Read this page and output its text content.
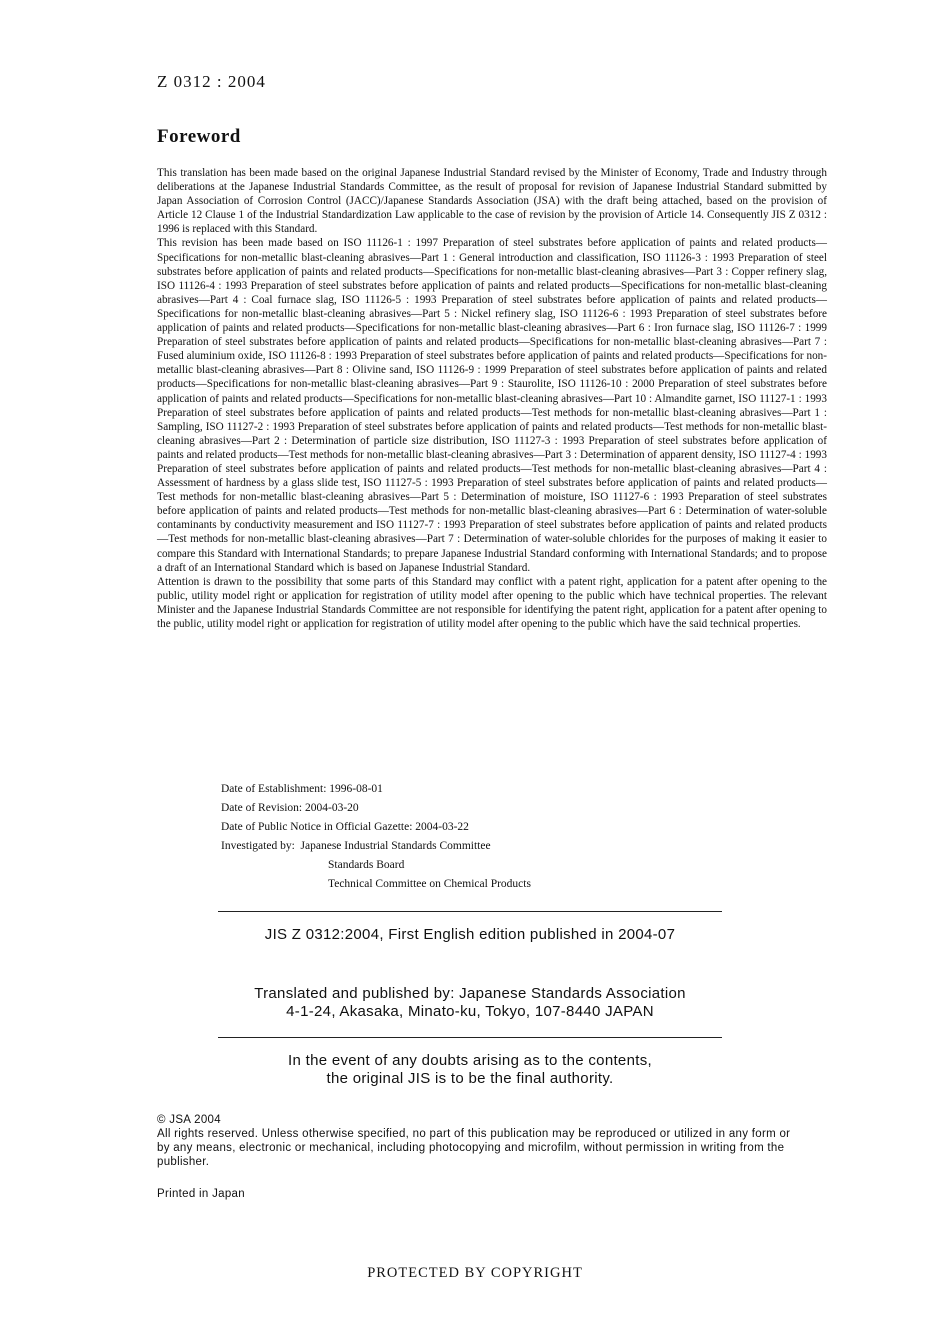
Z 0312 : 2004
Foreword

This translation has been made based on the original Japanese Industrial Standard revised by the Minister of Economy, Trade and Industry through deliberations at the Japanese Industrial Standards Committee, as the result of proposal for revision of Japanese Industrial Standard submitted by Japan Association of Corrosion Control (JACC)/Japanese Standards Association (JSA) with the draft being attached, based on the provision of Article 12 Clause 1 of the Industrial Standardization Law applicable to the case of revision by the provision of Article 14. Consequently JIS Z 0312 : 1996 is replaced with this Standard.

This revision has been made based on ISO 11126-1 : 1997 Preparation of steel substrates before application of paints and related products—Specifications for non-metallic blast-cleaning abrasives—Part 1 : General introduction and classification, ISO 11126-3 : 1993 Preparation of steel substrates before application of paints and related products—Specifications for non-metallic blast-cleaning abrasives—Part 3 : Copper refinery slag, ISO 11126-4 : 1993 Preparation of steel substrates before application of paints and related products—Specifications for non-metallic blast-cleaning abrasives—Part 4 : Coal furnace slag, ISO 11126-5 : 1993 Preparation of steel substrates before application of paints and related products—Specifications for non-metallic blast-cleaning abrasives—Part 5 : Nickel refinery slag, ISO 11126-6 : 1993 Preparation of steel substrates before application of paints and related products—Specifications for non-metallic blast-cleaning abrasives—Part 6 : Iron furnace slag, ISO 11126-7 : 1999 Preparation of steel substrates before application of paints and related products—Specifications for non-metallic blast-cleaning abrasives—Part 7 : Fused aluminium oxide, ISO 11126-8 : 1993 Preparation of steel substrates before application of paints and related products—Specifications for non-metallic blast-cleaning abrasives—Part 8 : Olivine sand, ISO 11126-9 : 1999 Preparation of steel substrates before application of paints and related products—Specifications for non-metallic blast-cleaning abrasives—Part 9 : Staurolite, ISO 11126-10 : 2000 Preparation of steel substrates before application of paints and related products—Specifications for non-metallic blast-cleaning abrasives—Part 10 : Almandite garnet, ISO 11127-1 : 1993 Preparation of steel substrates before application of paints and related products—Test methods for non-metallic blast-cleaning abrasives—Part 1 : Sampling, ISO 11127-2 : 1993 Preparation of steel substrates before application of paints and related products—Test methods for non-metallic blast-cleaning abrasives—Part 2 : Determination of particle size distribution, ISO 11127-3 : 1993 Preparation of steel substrates before application of paints and related products—Test methods for non-metallic blast-cleaning abrasives—Part 3 : Determination of apparent density, ISO 11127-4 : 1993 Preparation of steel substrates before application of paints and related products—Test methods for non-metallic blast-cleaning abrasives—Part 4 : Assessment of hardness by a glass slide test, ISO 11127-5 : 1993 Preparation of steel substrates before application of paints and related products—Test methods for non-metallic blast-cleaning abrasives—Part 5 : Determination of moisture, ISO 11127-6 : 1993 Preparation of steel substrates before application of paints and related products—Test methods for non-metallic blast-cleaning abrasives—Part 6 : Determination of water-soluble contaminants by conductivity measurement and ISO 11127-7 : 1993 Preparation of steel substrates before application of paints and related products—Test methods for non-metallic blast-cleaning abrasives—Part 7 : Determination of water-soluble chlorides for the purposes of making it easier to compare this Standard with International Standards; to prepare Japanese Industrial Standard conforming with International Standards; and to propose a draft of an International Standard which is based on Japanese Industrial Standard.

Attention is drawn to the possibility that some parts of this Standard may conflict with a patent right, application for a patent after opening to the public, utility model right or application for registration of utility model after opening to the public which have technical properties. The relevant Minister and the Japanese Industrial Standards Committee are not responsible for identifying the patent right, application for a patent after opening to the public, utility model right or application for registration of utility model after opening to the public which have the said technical properties.

Date of Establishment: 1996-08-01
Date of Revision: 2004-03-20
Date of Public Notice in Official Gazette: 2004-03-22
Investigated by: Japanese Industrial Standards Committee
Standards Board
Technical Committee on Chemical Products
JIS Z 0312:2004, First English edition published in 2004-07
Translated and published by: Japanese Standards Association
4-1-24, Akasaka, Minato-ku, Tokyo, 107-8440 JAPAN
In the event of any doubts arising as to the contents,
the original JIS is to be the final authority.

© JSA 2004

All rights reserved. Unless otherwise specified, no part of this publication may be reproduced or utilized in any form or by any means, electronic or mechanical, including photocopying and microfilm, without permission in writing from the publisher.

Printed in Japan
PROTECTED BY COPYRIGHT
